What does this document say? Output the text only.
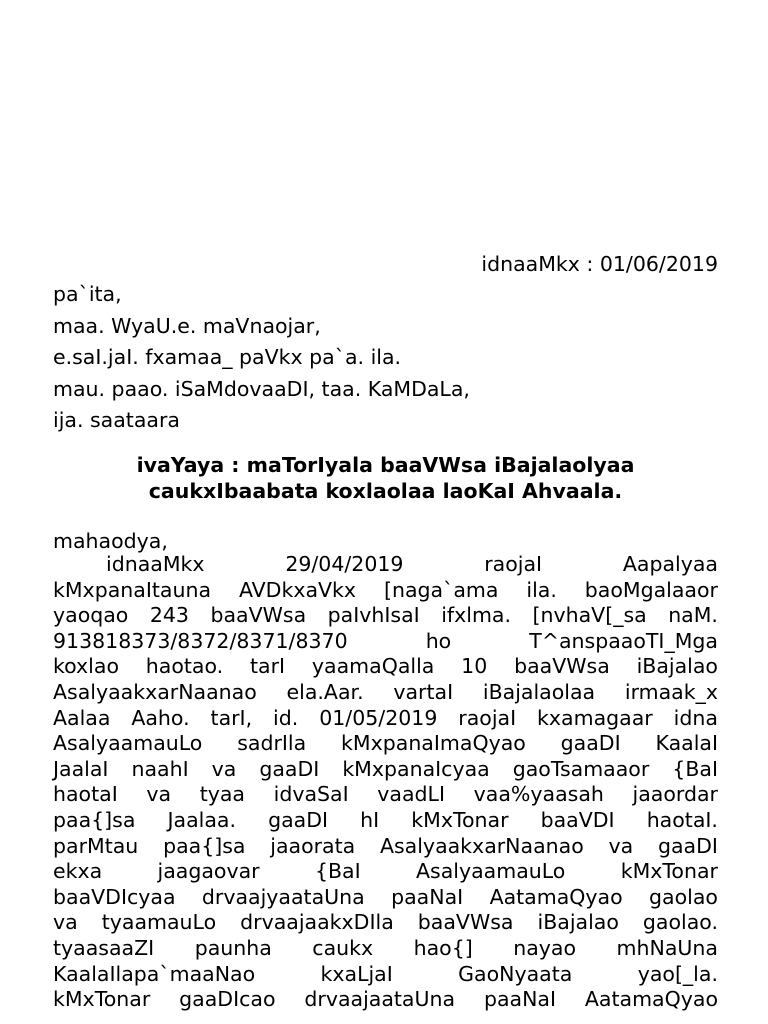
idnaaMkx : 01/06/2019
pa`ita,
maa. WyaU.e. maVnaojar,
e.saI.jaI. fxamaa_ paVkx pa`a. ila.
mau. paao. iSaMdovaaDI, taa. KaMDaLa,
ija. saataara
ivaYaya : maTorIyala baaVWsa iBajalaolyaa
caukxIbaabata koxlaolaa laoKaI Ahvaala.
mahaodya,
idnaaMkx	29/04/2019	raojaI	Aapalyaa
kMxpanaItauna AVDkxaVkx [naga`ama ila. baoMgalaaor
yaoqao 243 baaVWsa paIvhIsaI ifxlma. [nvhaV[_sa naM.
913818373/8372/8371/8370	ho	T^anspaaoTI_Mga
koxlao haotao. tarI yaamaQalla 10 baaVWsa iBajalao
AsalyaakxarNaanao ela.Aar. vartaI iBajalaolaa irmaak_x
Aalaa Aaho. tarI, id. 01/05/2019 raojaI kxamagaar idna
AsalyaamauLo sadrIla kMxpanaImaQyao gaaDI KaalaI
JaalaI naahI va gaaDI kMxpanaIcyaa gaoTsamaaor {BaI
haotaI va tyaa idvaSaI vaadLI vaa%yaasah jaaordar
paa{]sa Jaalaa. gaaDI hI kMxTonar baaVDI haotaI.
parMtau paa{]sa jaaorata AsalyaakxarNaanao va gaaDI
ekxa	jaagaovar	{BaI	AsalyaamauLo	kMxTonar
baaVDIcyaa drvaajyaataUna paaNaI AatamaQyao gaolao
va tyaamauLo drvaajaakxDIla baaVWsa iBajalao gaolao.
tyaasaaZI paunha caukx hao{] nayao mhNaUna
KaalaIlapa`maaNao	kxaLjaI	GaoNyaata	yao[_la.
kMxTonar gaaDIcao drvaajaataUna paaNaI AatamaQyao
